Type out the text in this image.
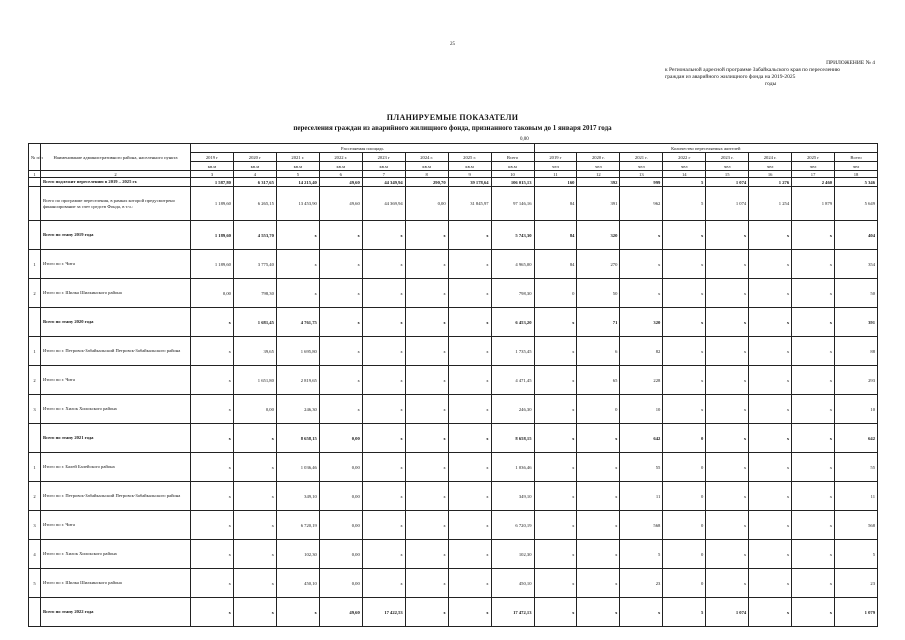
25
ПРИЛОЖЕНИЕ № 4
к Региональной адресной программе Забайкальского края по переселению
граждан из аварийного жилищного фонда на 2019-2025
годы
ПЛАНИРУЕМЫЕ ПОКАЗАТЕЛИ
переселения граждан из аварийного жилищного фонда, признанного таковым до 1 января 2017 года
0,00
№ п/п	Наименование административного района, населенного пункта	Расселяемая площадь								Количество переселяемых жителей							
		2019 г	2020 г	2021 г.	2022 г.	2023 г	2024 г.	2025 г.	Всего	2019 г	2020 г.	2021 г.	2022 г	2023 г.	2024 г.	2025 г	Всего
		кв.м	кв.м	кв.м	кв.м	кв.м	кв.м	кв.м	кв.м	чел	чел	чел	чел	чел	чел	чел	чел
1	2	3	4	5	6	7	8	9	10	11	12	13	14	15	16	17	18
	Всего подлежит переселению в 2019 – 2025 гг.	1 587,80	6 317,65	14 215,40	49,60	44 349,94	290,70	39 178,64	106 015,13	160	392	999	5	1 074	1 276	2 460	5 346
	Всего по программе переселения, в рамках которой предусмотрено финансирование за счет средств Фонда, в т.ч.:	1 189,60	6 265,15	13 453,90	49,60	44 369,94	0,00	31 845,97	97 146,16	84	391	962	5	1 074	1 254	1 879	5 649
	Всего по этапу 2019 года	1 189,60	4 553,70	x	x	x	x	x	5 743,30	84	320	x	x	x	x	x	404
1	Итого по г. Чита	1 189,60	3 775,40	x	x	x	x	x	4 965,00	84	270	x	x	x	x	x	354
2	Итого по г. Шилка Шилкинского района	0,00	798,30	x	x	x	x	x	798,30	0	50	x	x	x	x	x	50
	Всего по этапу 2020 года	x	1 681,45	4 761,75	x	x	x	x	6 453,20	x	71	320	x	x	x	x	391
1	Итого по г. Петровск-Забайкальский Петровск-Забайкальского района	x	39,65	1 695,80	x	x	x	x	1 735,45	x	6	82	x	x	x	x	88
2	Итого по г. Чита	x	1 651,80	2 819,65	x	x	x	x	4 471,45	x	65	228	x	x	x	x	293
3	Итого по г. Хилок Хилокского района	x	0,00	246,30	x	x	x	x	246,30	x	0	10	x	x	x	x	10
	Всего по этапу 2021 года	x	x	8 658,15	0,00	x	x	x	8 658,15	x	x	642	0	x	x	x	642
1	Итого по г. Балей Балейского района	x	x	1 036,46	0,00	x	x	x	1 036,46	x	x	55	0	x	x	x	55
2	Итого по г. Петровск-Забайкальский Петровск-Забайкальского района	x	x	349,10	0,00	x	x	x	349,10	x	x	11	0	x	x	x	11
3	Итого по г. Чита	x	x	6 720,19	0,00	x	x	x	6 720,19	x	x	568	0	x	x	x	568
4	Итого по г. Хилок Хилокского района	x	x	102,30	0,00	x	x	x	102,30	x	x	5	0	x	x	x	5
5	Итого по г. Шилка Шилкинского района	x	x	450,10	0,00	x	x	x	450,10	x	x	23	0	x	x	x	23
	Всего по этапу 2022 года	x	x	x	49,60	17 422,53	x	x	17 472,13	x	x	x	5	1 074	x	x	1 079
